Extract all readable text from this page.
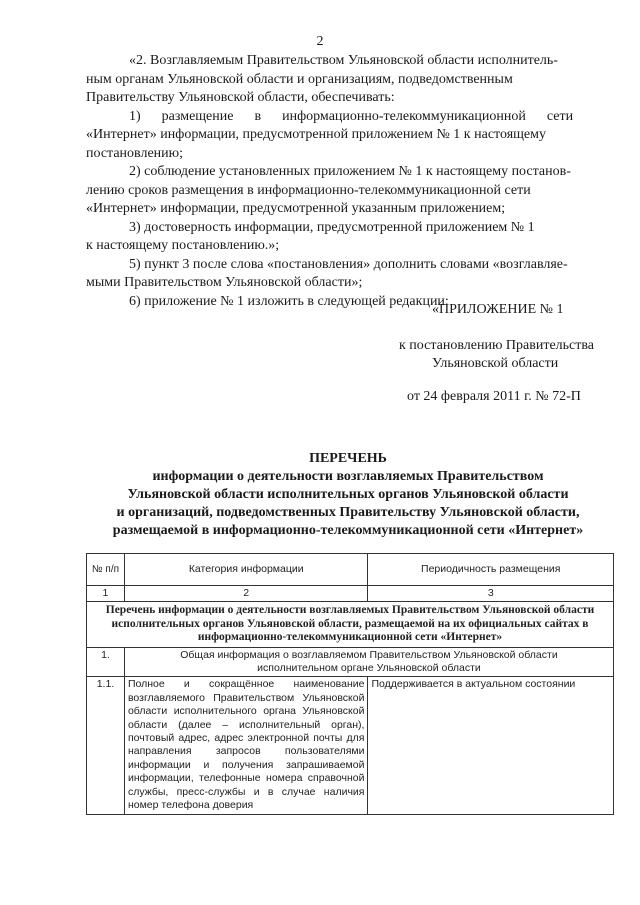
2
«2. Возглавляемым Правительством Ульяновской области исполнитель-
ным органам Ульяновской области и организациям, подведомственным
Правительству Ульяновской области, обеспечивать:
1)      размещение      в      информационно-телекоммуникационной      сети
«Интернет» информации, предусмотренной приложением № 1 к настоящему
постановлению;
2) соблюдение установленных приложением № 1 к настоящему постанов-
лению сроков размещения в информационно-телекоммуникационной сети
«Интернет» информации, предусмотренной указанным приложением;
3) достоверность информации, предусмотренной приложением № 1
к настоящему постановлению.»;
5) пункт 3 после слова «постановления» дополнить словами «возглавляе-
мыми Правительством Ульяновской области»;
6) приложение № 1 изложить в следующей редакции:
«ПРИЛОЖЕНИЕ № 1
к постановлению Правительства
Ульяновской области
от 24 февраля 2011 г. № 72-П
ПЕРЕЧЕНЬ
информации о деятельности возглавляемых Правительством
Ульяновской области исполнительных органов Ульяновской области
и организаций, подведомственных Правительству Ульяновской области,
размещаемой в информационно-телекоммуникационной сети «Интернет»
№ п/п	Категория информации	Периодичность размещения
1	2	3
Перечень информации о деятельности возглавляемых Правительством Ульяновской области исполнительных органов Ульяновской области, размещаемой на их официальных сайтах в информационно-телекоммуникационной сети «Интернет»		
1.	Общая информация о возглавляемом Правительством Ульяновской области исполнительном органе Ульяновской области	
1.1.	Полное и сокращённое наименование возглавляемого Правительством Ульяновской области исполнительного органа Ульяновской области (далее – исполнительный орган), почтовый адрес, адрес электронной почты для направления запросов пользователями информации и получения запрашиваемой информации, телефонные номера справочной службы, пресс-службы и в случае наличия номер телефона доверия	Поддерживается в актуальном состоянии
